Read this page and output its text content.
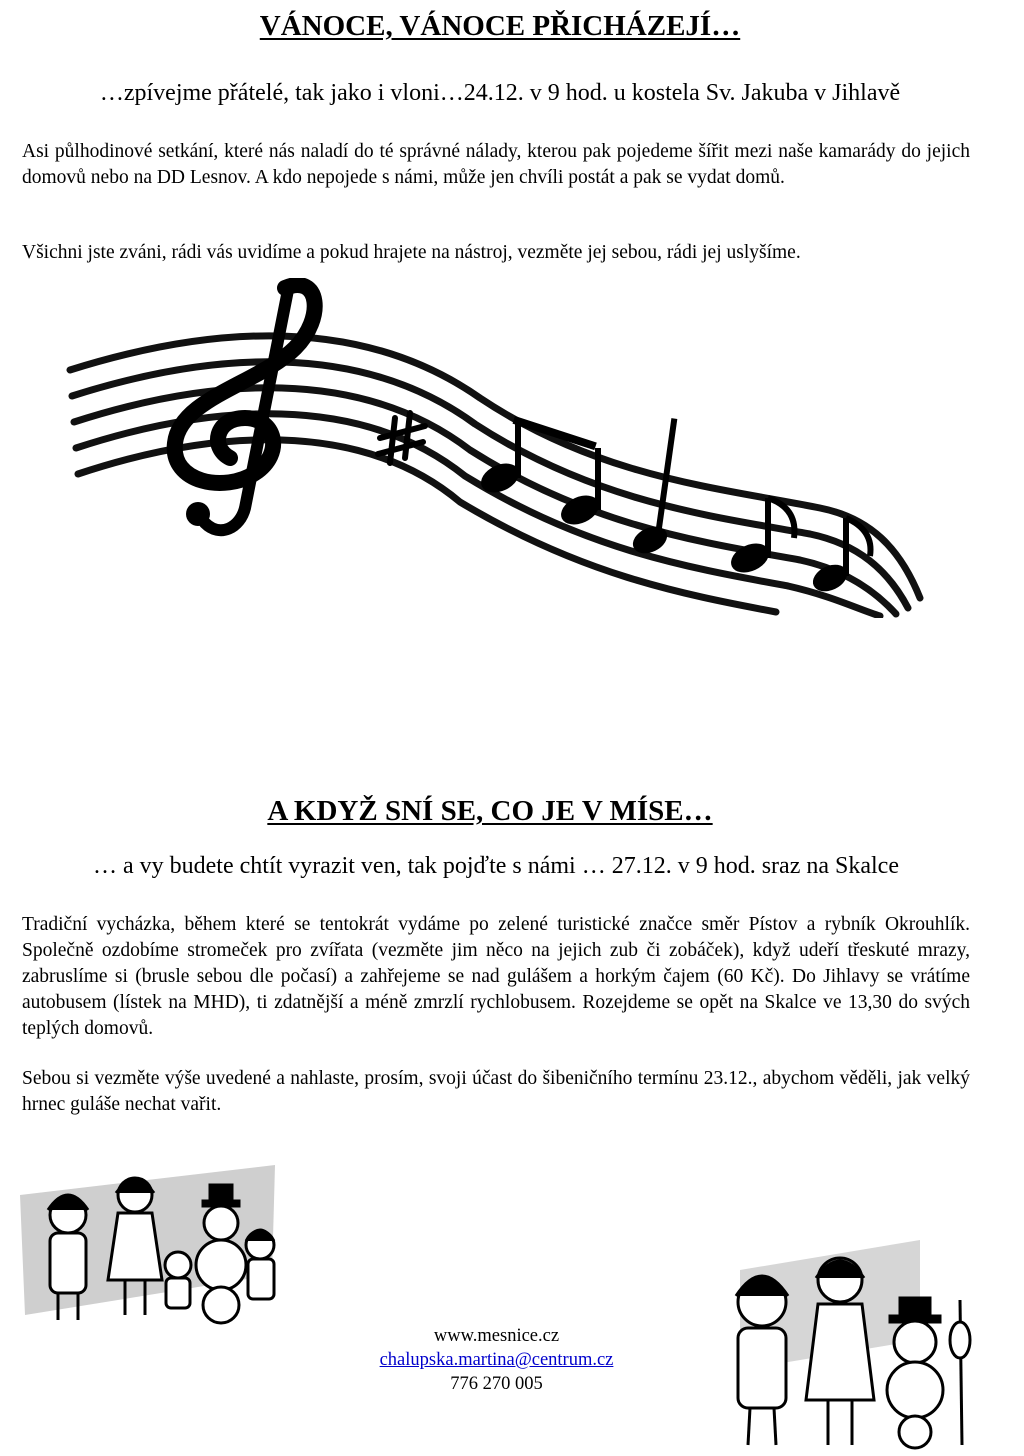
VÁNOCE, VÁNOCE PŘICHÁZEJÍ…
…zpívejme přátelé, tak jako i vloni…24.12. v 9 hod. u kostela Sv. Jakuba v Jihlavě
Asi půlhodinové setkání, které nás naladí do té správné nálady, kterou pak pojedeme šířit mezi naše kamarády do jejich domovů nebo na DD Lesnov. A kdo nepojede s námi, může jen chvíli postát a pak se vydat domů.
Všichni jste zváni, rádi vás uvidíme a pokud hrajete na nástroj, vezměte jej sebou, rádi jej uslyšíme.
A KDYŽ SNÍ SE, CO JE V MÍSE…
… a vy budete chtít vyrazit ven, tak pojďte s námi … 27.12. v 9 hod. sraz na Skalce
Tradiční vycházka, během které se tentokrát vydáme po zelené turistické značce směr Pístov a rybník Okrouhlík. Společně ozdobíme stromeček pro zvířata (vezměte jim něco na jejich zub či zobáček), když udeří třeskuté mrazy, zabruslíme si (brusle sebou dle počasí) a zahřejeme se nad gulášem a horkým čajem (60 Kč). Do Jihlavy se vrátíme autobusem (lístek na MHD), ti zdatnější a méně zmrzlí rychlobusem. Rozejdeme se opět na Skalce ve 13,30 do svých teplých domovů.
Sebou si vezměte výše uvedené a nahlaste, prosím, svoji účast do šibeničního termínu 23.12., abychom věděli, jak velký hrnec guláše nechat vařit.
www.mesnice.cz
chalupska.martina@centrum.cz
776 270 005
